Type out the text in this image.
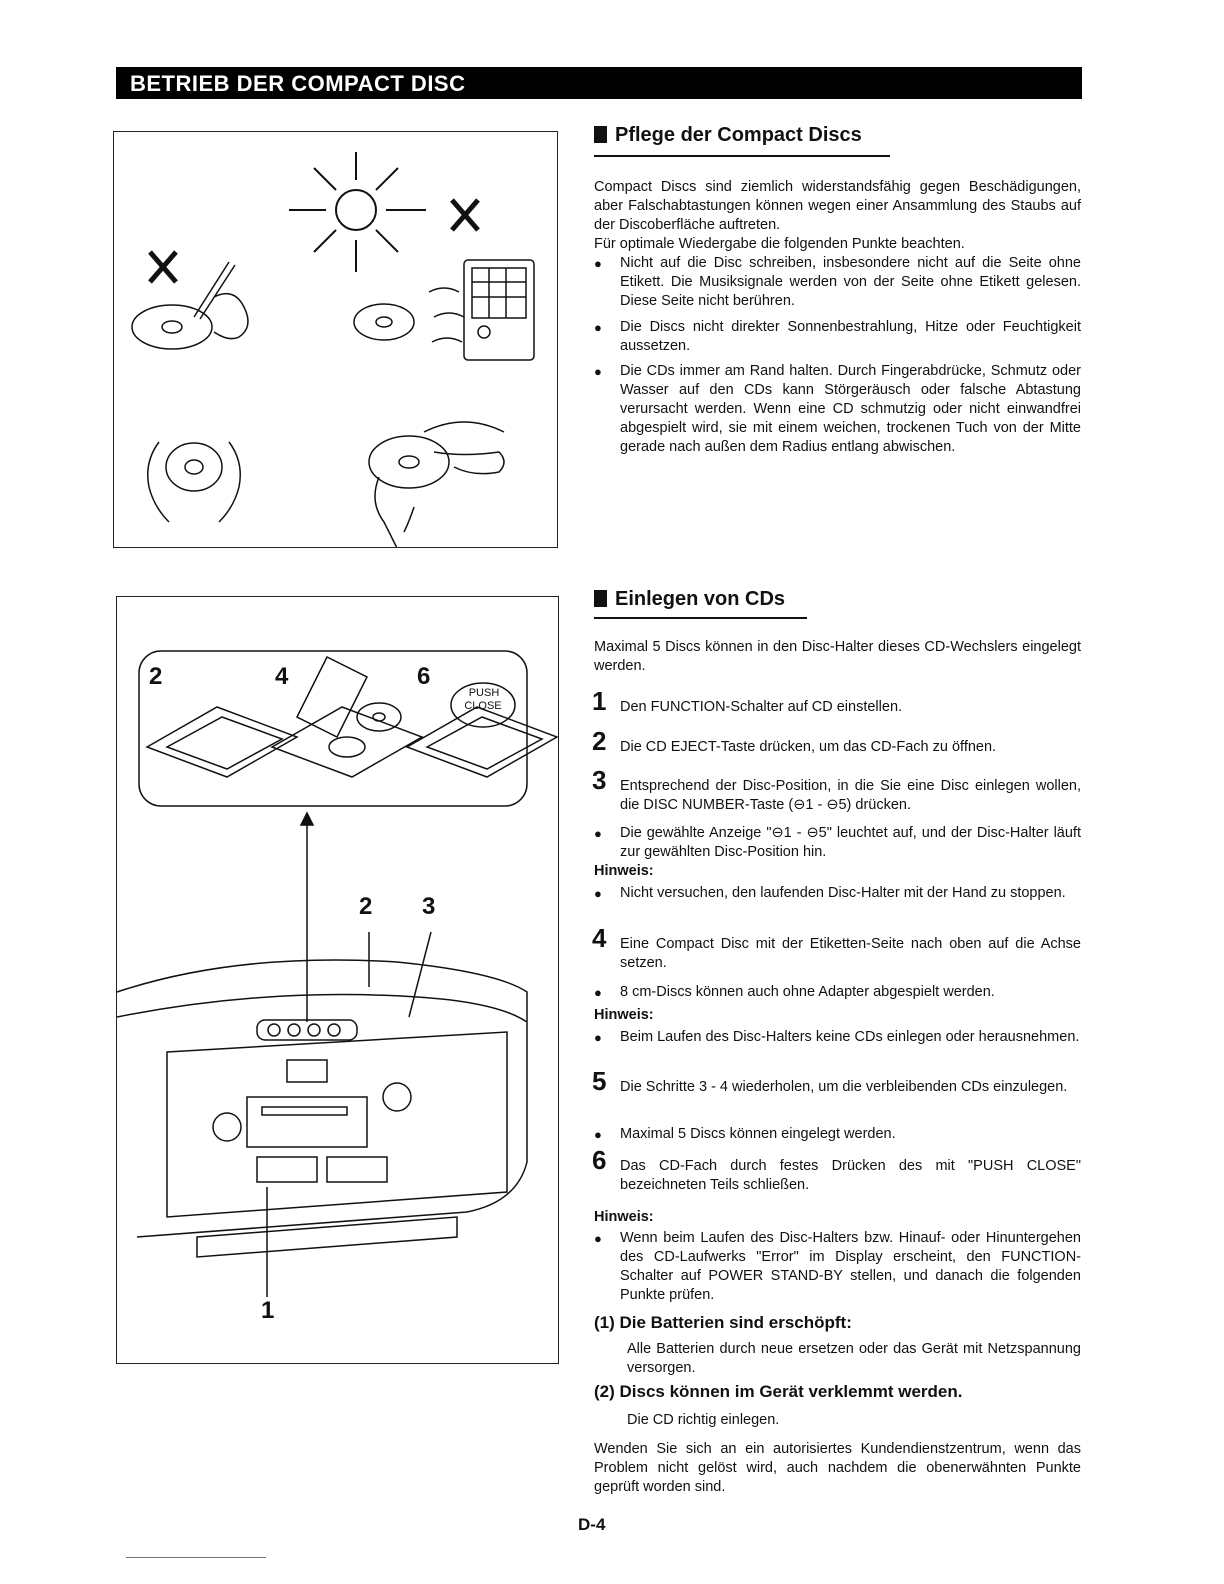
BETRIEB DER COMPACT DISC
Pflege der Compact Discs
Compact Discs sind ziemlich widerstandsfähig gegen Beschädigungen, aber Falschabtastungen können wegen einer Ansammlung des Staubs auf der Discoberfläche auftreten.
Für optimale Wiedergabe die folgenden Punkte beachten.
● Nicht auf die Disc schreiben, insbesondere nicht auf die Seite ohne Etikett. Die Musiksignale werden von der Seite ohne Etikett gelesen. Diese Seite nicht berühren.
● Die Discs nicht direkter Sonnenbestrahlung, Hitze oder Feuchtigkeit aussetzen.
● Die CDs immer am Rand halten. Durch Fingerabdrücke, Schmutz oder Wasser auf den CDs kann Störgeräusch oder falsche Abtastung verursacht werden. Wenn eine CD schmutzig oder nicht einwandfrei abgespielt wird, sie mit einem weichen, trockenen Tuch von der Mitte gerade nach außen dem Radius entlang abwischen.
2	4	6
PUSH
CLOSE
2 3
1
Einlegen von CDs
Maximal 5 Discs können in den Disc-Halter dieses CD-Wechslers eingelegt werden.
1 Den FUNCTION-Schalter auf CD einstellen.
2 Die CD EJECT-Taste drücken, um das CD-Fach zu öffnen.
3 Entsprechend der Disc-Position, in die Sie eine Disc einlegen wollen, die DISC NUMBER-Taste (⊖1 - ⊖5) drücken.
● Die gewählte Anzeige "⊖1 - ⊖5" leuchtet auf, und der Disc-Halter läuft zur gewählten Disc-Position hin.
Hinweis:
● Nicht versuchen, den laufenden Disc-Halter mit der Hand zu stoppen.
4 Eine Compact Disc mit der Etiketten-Seite nach oben auf die Achse setzen.
● 8 cm-Discs können auch ohne Adapter abgespielt werden.
Hinweis:
● Beim Laufen des Disc-Halters keine CDs einlegen oder herausnehmen.
5 Die Schritte 3 - 4 wiederholen, um die verbleibenden CDs einzulegen.
● Maximal 5 Discs können eingelegt werden.
6 Das CD-Fach durch festes Drücken des mit "PUSH CLOSE" bezeichneten Teils schließen.
Hinweis:
● Wenn beim Laufen des Disc-Halters bzw. Hinauf- oder Hinuntergehen des CD-Laufwerks "Error" im Display erscheint, den FUNCTION-Schalter auf POWER STAND-BY stellen, und danach die folgenden Punkte prüfen.
(1) Die Batterien sind erschöpft:
Alle Batterien durch neue ersetzen oder das Gerät mit Netzspannung versorgen.
(2) Discs können im Gerät verklemmt werden.
Die CD richtig einlegen.
Wenden Sie sich an ein autorisiertes Kundendienstzentrum, wenn das Problem nicht gelöst wird, auch nachdem die obenerwähnten Punkte geprüft worden sind.
D-4
